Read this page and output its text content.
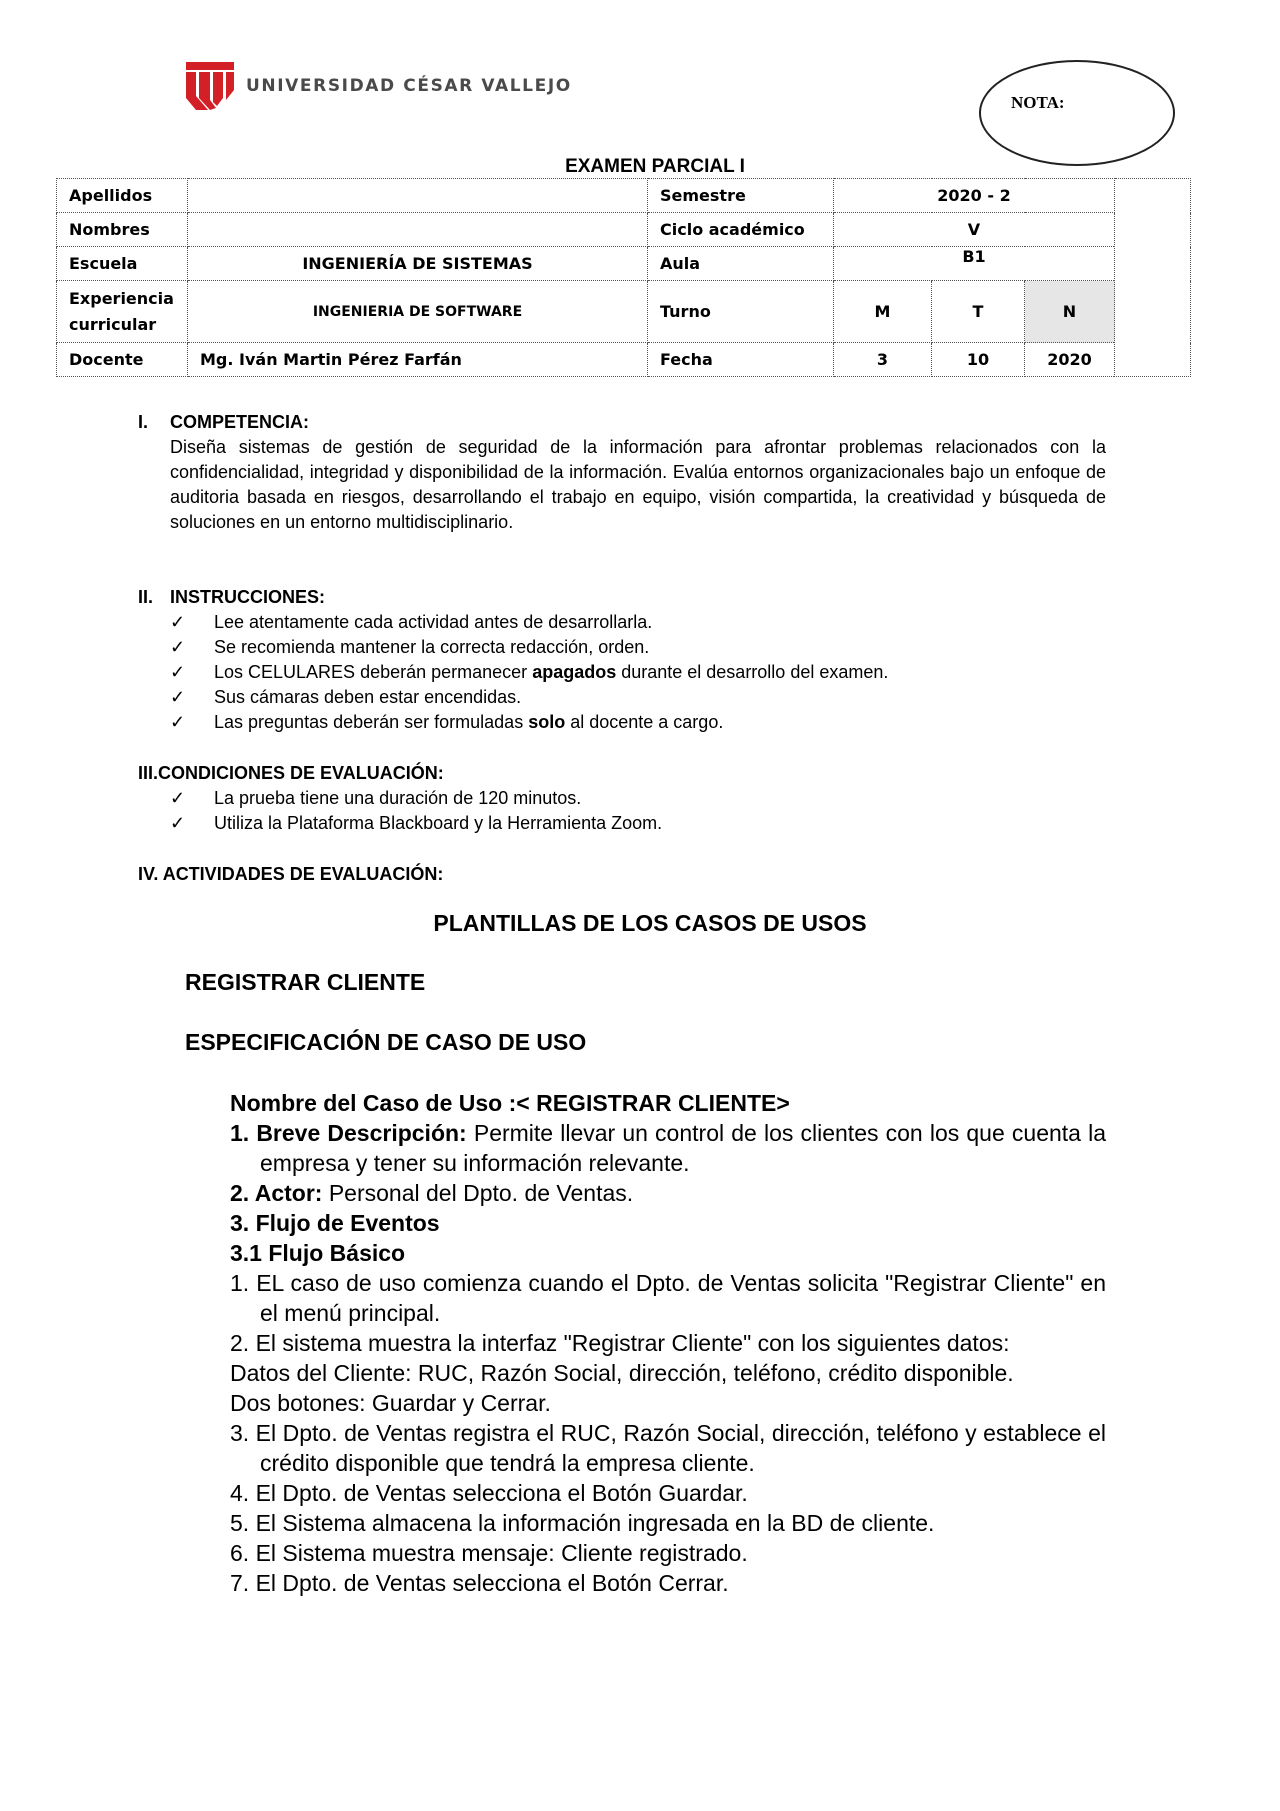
UNIVERSIDAD CÉSAR VALLEJO
NOTA:
EXAMEN PARCIAL I
Apellidos		Semestre	2020 - 2			
Nombres		Ciclo académico	V			
Escuela	INGENIERÍA DE SISTEMAS	Aula	B1			
Experiencia
curricular	INGENIERIA DE SOFTWARE	Turno	M	T	N	
Docente	Mg. Iván Martin Pérez Farfán	Fecha	3	10	2020	
I. COMPETENCIA:
Diseña sistemas de gestión de seguridad de la información para afrontar problemas relacionados con la confidencialidad, integridad y disponibilidad de la información. Evalúa entornos organizacionales bajo un enfoque de auditoria basada en riesgos, desarrollando el trabajo en equipo, visión compartida, la creatividad y búsqueda de soluciones en un entorno multidisciplinario.
II. INSTRUCCIONES:
✓ Lee atentamente cada actividad antes de desarrollarla.
✓ Se recomienda mantener la correcta redacción, orden.
✓ Los CELULARES deberán permanecer apagados durante el desarrollo del examen.
✓ Sus cámaras deben estar encendidas.
✓ Las preguntas deberán ser formuladas solo al docente a cargo.
III.CONDICIONES DE EVALUACIÓN:
✓ La prueba tiene una duración de 120 minutos.
✓ Utiliza la Plataforma Blackboard y la Herramienta Zoom.
IV. ACTIVIDADES DE EVALUACIÓN:
PLANTILLAS DE LOS CASOS DE USOS
REGISTRAR CLIENTE
ESPECIFICACIÓN DE CASO DE USO

Nombre del Caso de Uso :< REGISTRAR CLIENTE>

1. Breve Descripción: Permite llevar un control de los clientes con los que cuenta la empresa y tener su información relevante.

2. Actor: Personal del Dpto. de Ventas.

3. Flujo de Eventos

3.1 Flujo Básico

1. EL caso de uso comienza cuando el Dpto. de Ventas solicita "Registrar Cliente" en el menú principal.

2. El sistema muestra la interfaz "Registrar Cliente" con los siguientes datos:

Datos del Cliente: RUC, Razón Social, dirección, teléfono, crédito disponible.

Dos botones: Guardar y Cerrar.

3. El Dpto. de Ventas registra el RUC, Razón Social, dirección, teléfono y establece el crédito disponible que tendrá la empresa cliente.

4. El Dpto. de Ventas selecciona el Botón Guardar.

5. El Sistema almacena la información ingresada en la BD de cliente.

6. El Sistema muestra mensaje: Cliente registrado.

7. El Dpto. de Ventas selecciona el Botón Cerrar.
